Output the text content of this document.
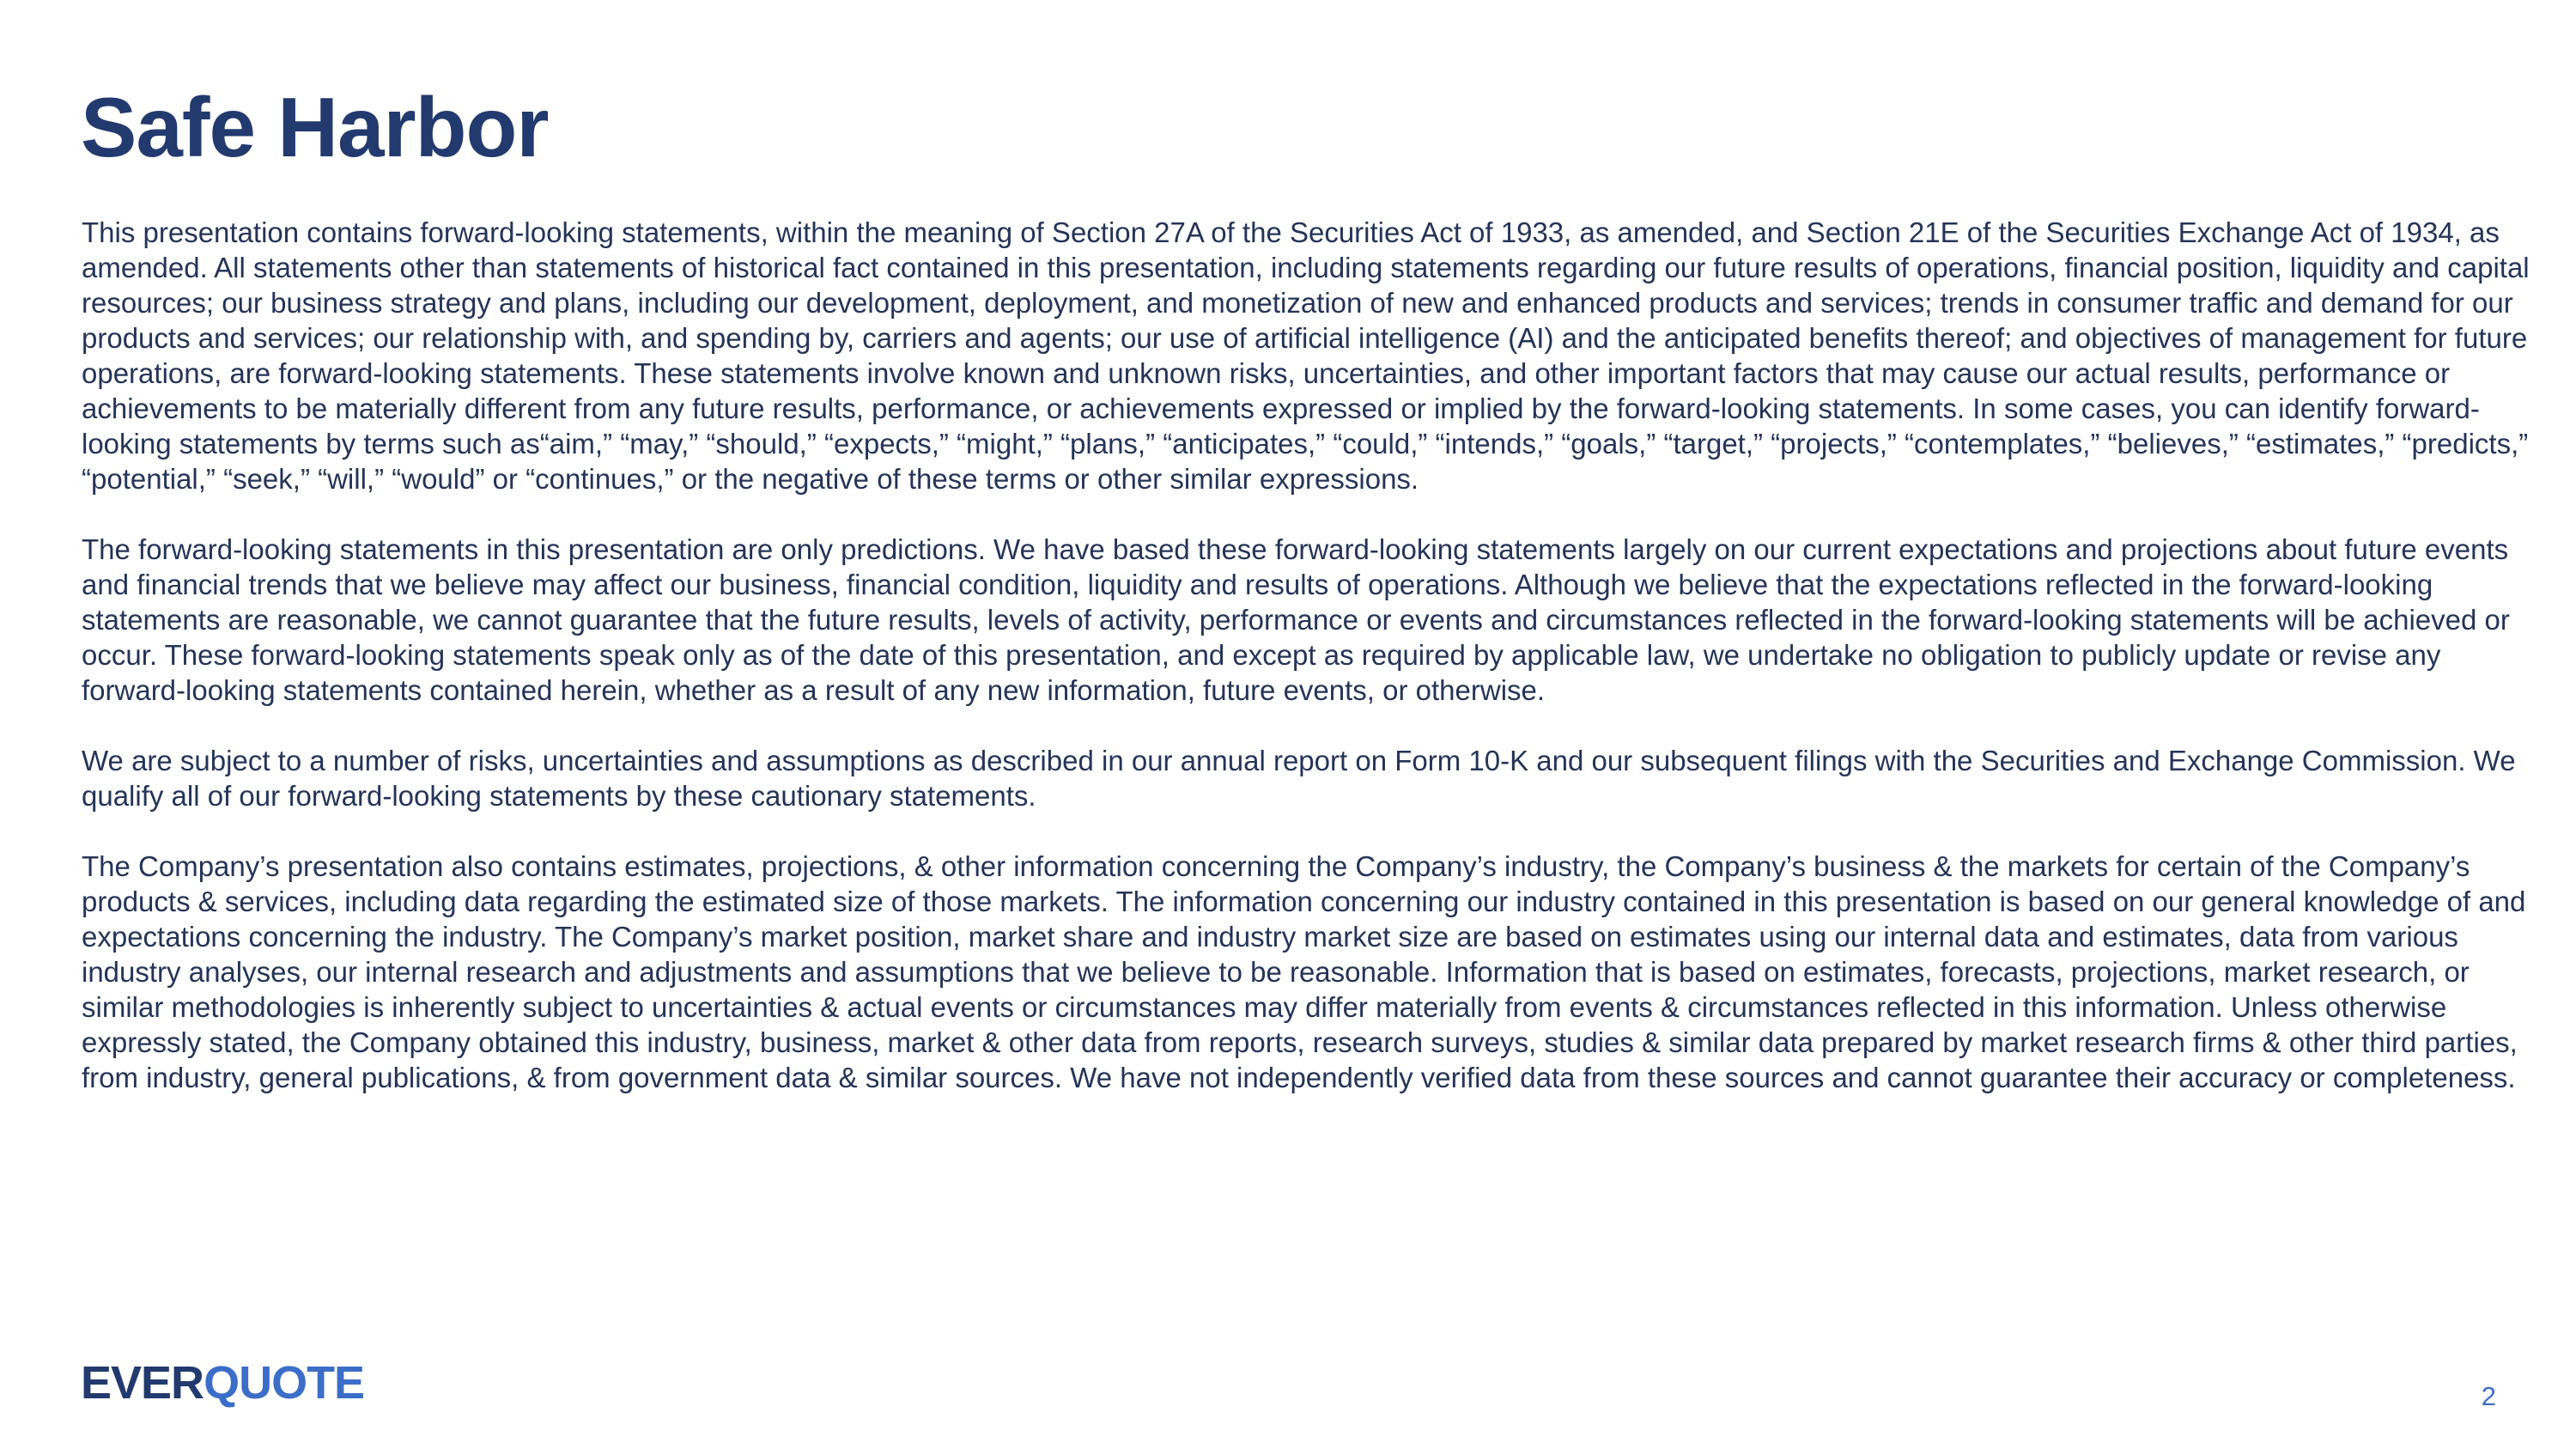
Safe Harbor

This presentation contains forward-looking statements, within the meaning of Section 27A of the Securities Act of 1933, as amended, and Section 21E of the Securities Exchange Act of 1934, as amended. All statements other than statements of historical fact contained in this presentation, including statements regarding our future results of operations, financial position, liquidity and capital resources; our business strategy and plans, including our development, deployment, and monetization of new and enhanced products and services; trends in consumer traffic and demand for our products and services; our relationship with, and spending by, carriers and agents; our use of artificial intelligence (AI) and the anticipated benefits thereof; and objectives of management for future operations, are forward-looking statements. These statements involve known and unknown risks, uncertainties, and other important factors that may cause our actual results, performance or achievements to be materially different from any future results, performance, or achievements expressed or implied by the forward-looking statements. In some cases, you can identify forward-looking statements by terms such as“aim,” “may,” “should,” “expects,” “might,” “plans,” “anticipates,” “could,” “intends,” “goals,” “target,” “projects,” “contemplates,” “believes,” “estimates,” “predicts,” “potential,” “seek,” “will,” “would” or “continues,” or the negative of these terms or other similar expressions.

The forward-looking statements in this presentation are only predictions. We have based these forward-looking statements largely on our current expectations and projections about future events and financial trends that we believe may affect our business, financial condition, liquidity and results of operations. Although we believe that the expectations reflected in the forward-looking statements are reasonable, we cannot guarantee that the future results, levels of activity, performance or events and circumstances reflected in the forward-looking statements will be achieved or occur. These forward-looking statements speak only as of the date of this presentation, and except as required by applicable law, we undertake no obligation to publicly update or revise any forward-looking statements contained herein, whether as a result of any new information, future events, or otherwise.

We are subject to a number of risks, uncertainties and assumptions as described in our annual report on Form 10-K and our subsequent filings with the Securities and Exchange Commission. We qualify all of our forward-looking statements by these cautionary statements.

The Company’s presentation also contains estimates, projections, & other information concerning the Company’s industry, the Company’s business & the markets for certain of the Company’s products & services, including data regarding the estimated size of those markets. The information concerning our industry contained in this presentation is based on our general knowledge of and expectations concerning the industry. The Company’s market position, market share and industry market size are based on estimates using our internal data and estimates, data from various industry analyses, our internal research and adjustments and assumptions that we believe to be reasonable. Information that is based on estimates, forecasts, projections, market research, or similar methodologies is inherently subject to uncertainties & actual events or circumstances may differ materially from events & circumstances reflected in this information. Unless otherwise expressly stated, the Company obtained this industry, business, market & other data from reports, research surveys, studies & similar data prepared by market research firms & other third parties, from industry, general publications, & from government data & similar sources. We have not independently verified data from these sources and cannot guarantee their accuracy or completeness.

EVERQUOTE	2
